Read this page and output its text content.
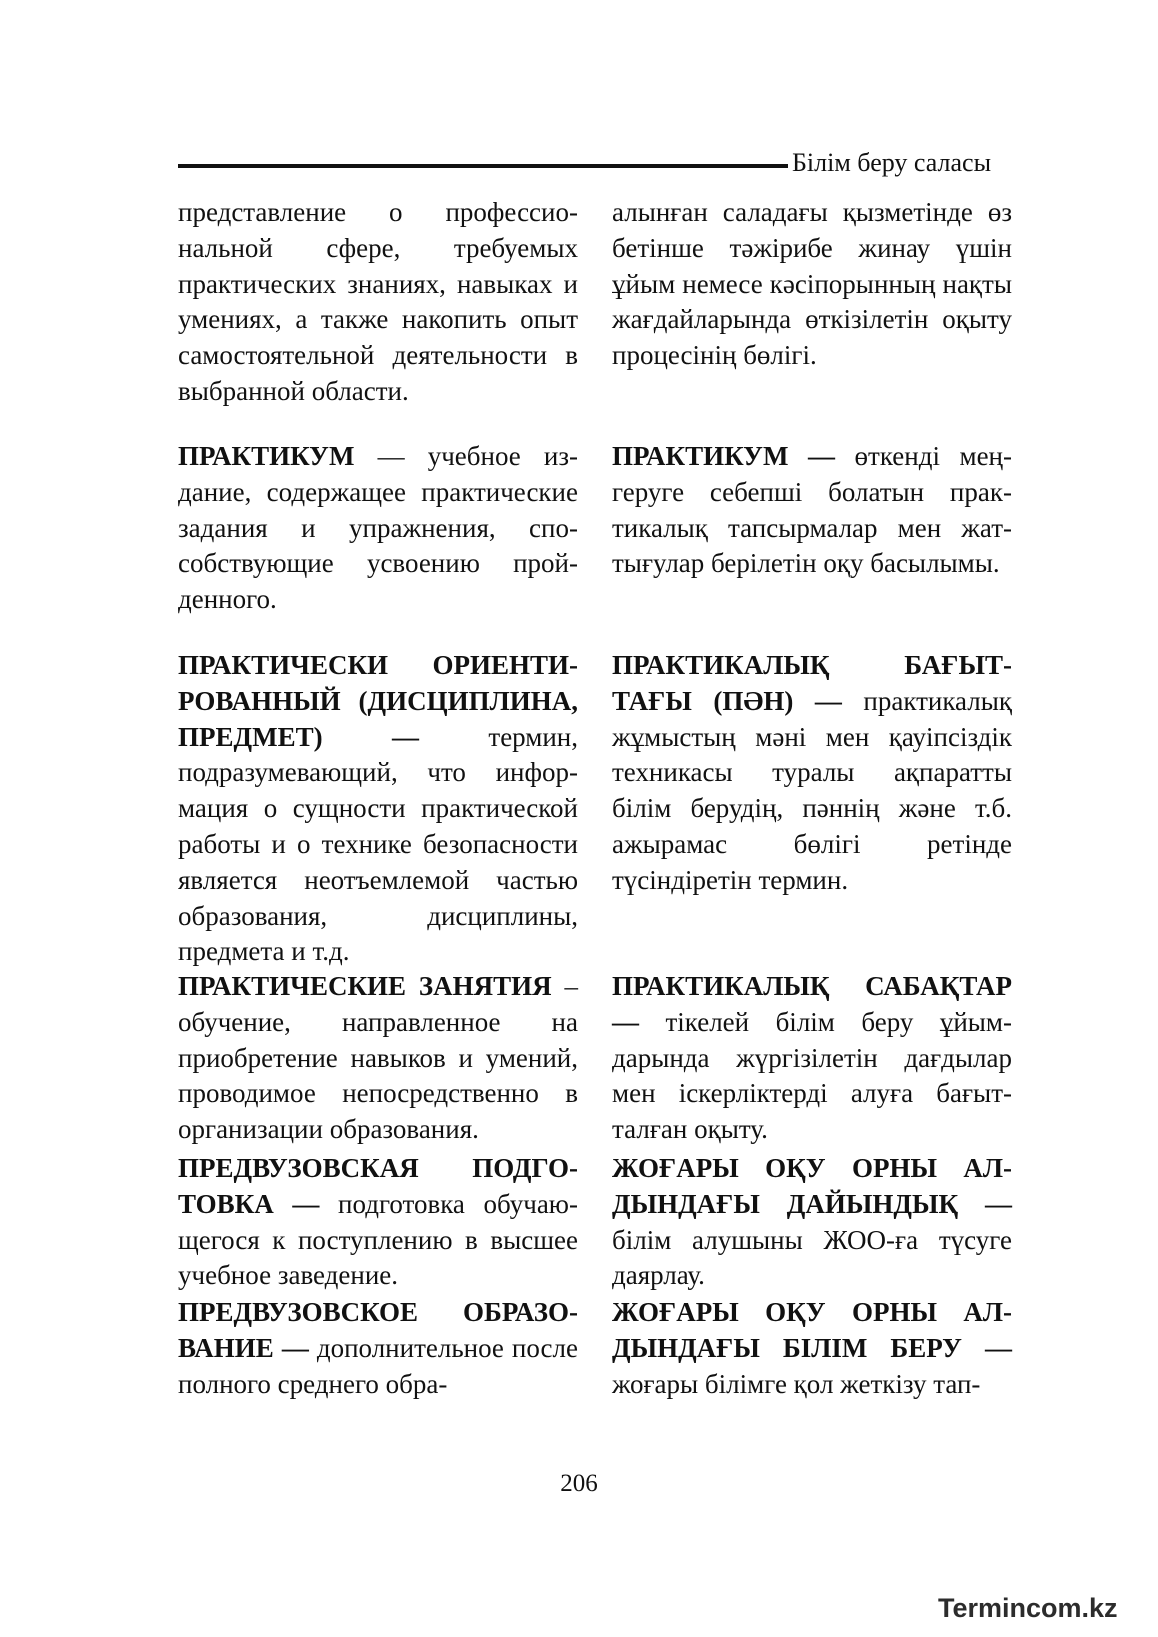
Білім беру саласы
представление о профессиональной сфере, требуемых практических знаниях, навыках и умениях, а также накопить опыт самостоятельной деятельности в выбранной области.
ПРАКТИКУМ — учебное издание, содержащее практические задания и упражнения, способствующие усвоению пройденного.
ПРАКТИЧЕСКИ ОРИЕНТИРОВАННЫЙ (ДИСЦИПЛИНА, ПРЕДМЕТ) — термин, подразумевающий, что информация о сущности практической работы и о технике безопасности является неотъемлемой частью образования, дисциплины, предмета и т.д.
ПРАКТИЧЕСКИЕ ЗАНЯТИЯ – обучение, направленное на приобретение навыков и умений, проводимое непосредственно в организации образования.
ПРЕДВУЗОВСКАЯ ПОДГОТОВКА — подготовка обучающегося к поступлению в высшее учебное заведение.
ПРЕДВУЗОВСКОЕ ОБРАЗОВАНИЕ — дополнительное после полного среднего обра-
алынған саладағы қызметінде өз бетінше тәжірибе жинау үшін ұйым немесе кәсіпорынның нақты жағдайларында өткізілетін оқыту процесінің бөлігі.
ПРАКТИКУМ — өткенді меңгеруге себепші болатын практикалық тапсырмалар мен жаттығулар берілетін оқу басылымы.
ПРАКТИКАЛЫҚ БАҒЫТТАҒЫ (ПӘН) — практикалық жұмыстың мәні мен қауіпсіздік техникасы туралы ақпаратты білім берудің, пәннің және т.б. ажырамас бөлігі ретінде түсіндіретін термин.
ПРАКТИКАЛЫҚ САБАҚТАР — тікелей білім беру ұйымдарында жүргізілетін дағдылар мен іскерліктерді алуға бағытталған оқыту.
ЖОҒАРЫ ОҚУ ОРНЫ АЛДЫНДАҒЫ ДАЙЫНДЫҚ — білім алушыны ЖОО-ға түсуге даярлау.
ЖОҒАРЫ ОҚУ ОРНЫ АЛДЫНДАҒЫ БІЛІМ БЕРУ — жоғары білімге қол жеткізу тап-
206
Termincom.kz
